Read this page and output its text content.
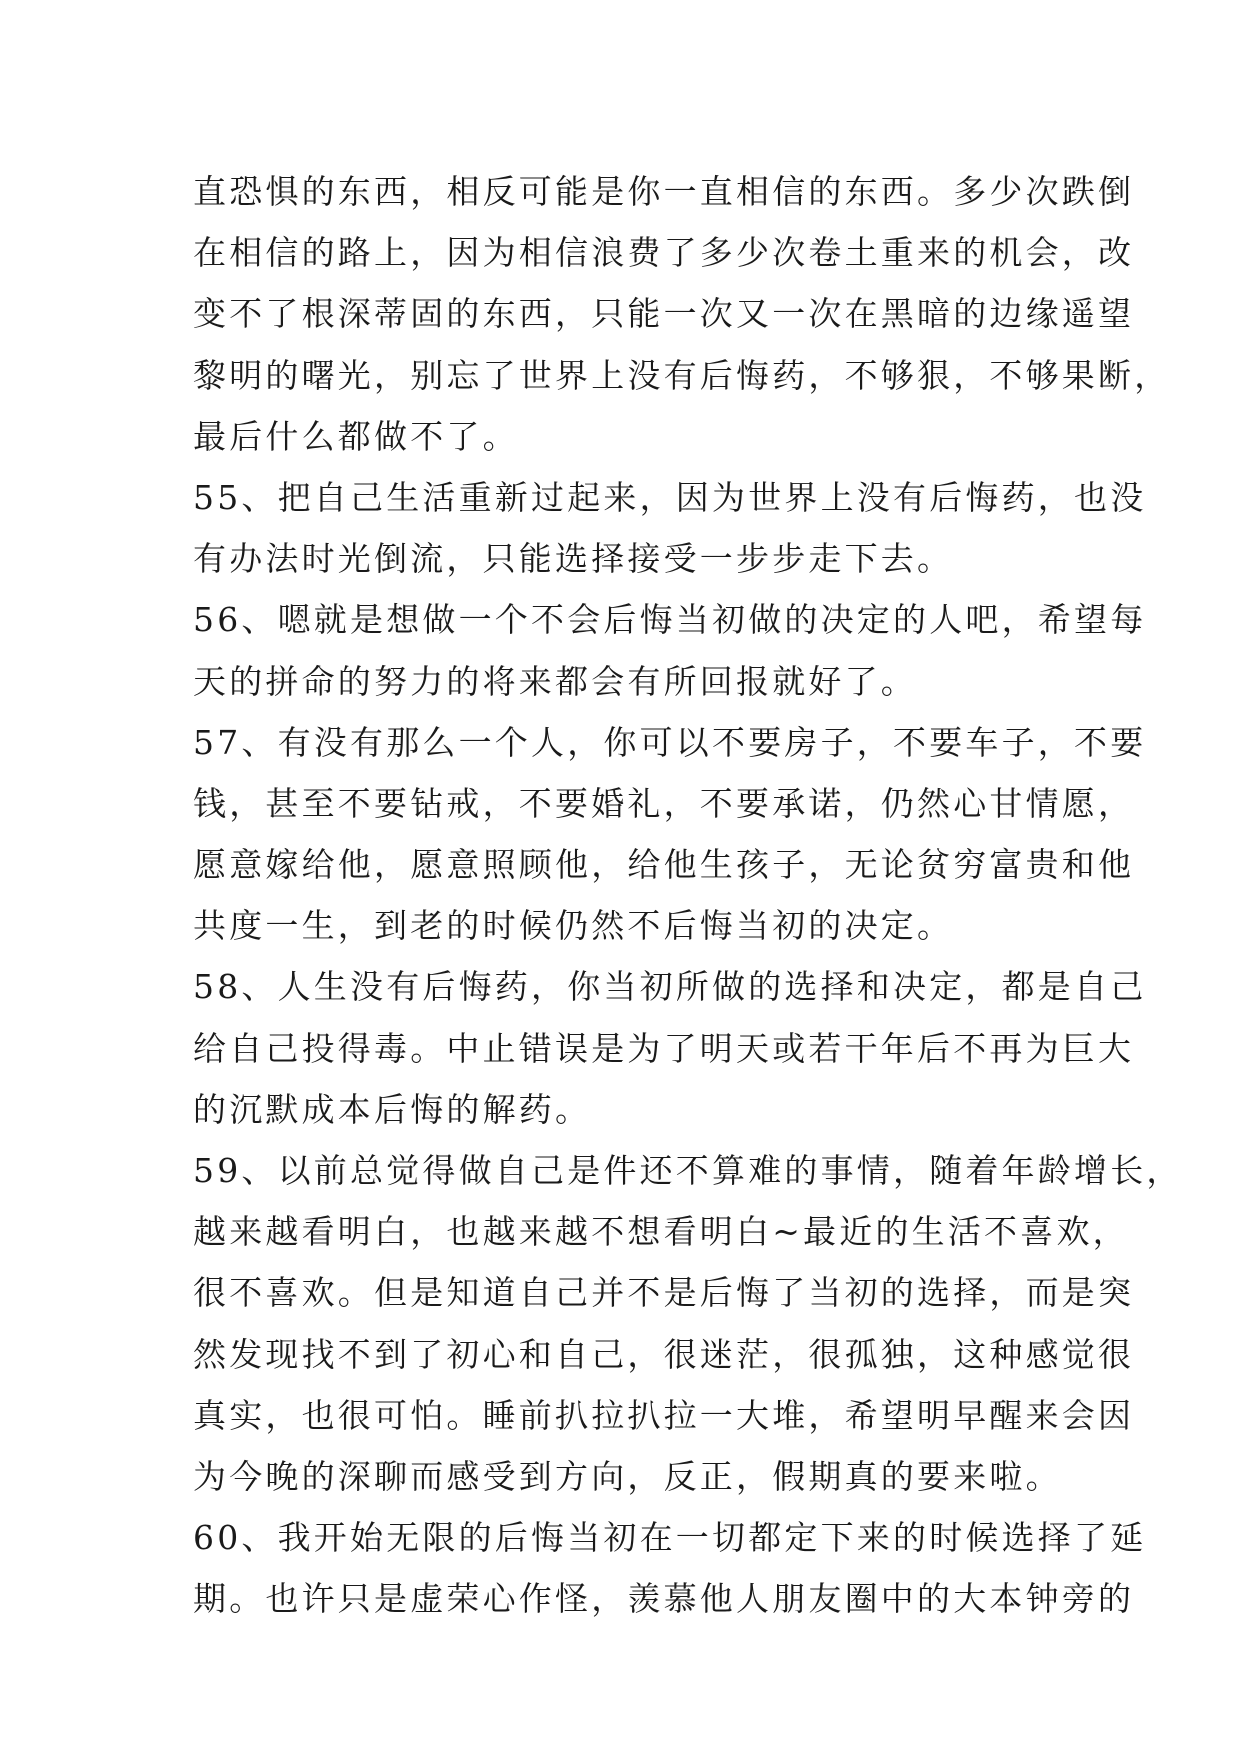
直恐惧的东西，相反可能是你一直相信的东西。多少次跌倒
在相信的路上，因为相信浪费了多少次卷土重来的机会，改
变不了根深蒂固的东西，只能一次又一次在黑暗的边缘遥望
黎明的曙光，别忘了世界上没有后悔药，不够狠，不够果断，
最后什么都做不了。
55、把自己生活重新过起来，因为世界上没有后悔药，也没
有办法时光倒流，只能选择接受一步步走下去。
56、嗯就是想做一个不会后悔当初做的决定的人吧，希望每
天的拼命的努力的将来都会有所回报就好了。
57、有没有那么一个人，你可以不要房子，不要车子，不要
钱，甚至不要钻戒，不要婚礼，不要承诺，仍然心甘情愿，
愿意嫁给他，愿意照顾他，给他生孩子，无论贫穷富贵和他
共度一生，到老的时候仍然不后悔当初的决定。
58、人生没有后悔药，你当初所做的选择和决定，都是自己
给自己投得毒。中止错误是为了明天或若干年后不再为巨大
的沉默成本后悔的解药。
59、以前总觉得做自己是件还不算难的事情，随着年龄增长，
越来越看明白，也越来越不想看明白~最近的生活不喜欢，
很不喜欢。但是知道自己并不是后悔了当初的选择，而是突
然发现找不到了初心和自己，很迷茫，很孤独，这种感觉很
真实，也很可怕。睡前扒拉扒拉一大堆，希望明早醒来会因
为今晚的深聊而感受到方向，反正，假期真的要来啦。
60、我开始无限的后悔当初在一切都定下来的时候选择了延
期。也许只是虚荣心作怪，羡慕他人朋友圈中的大本钟旁的
